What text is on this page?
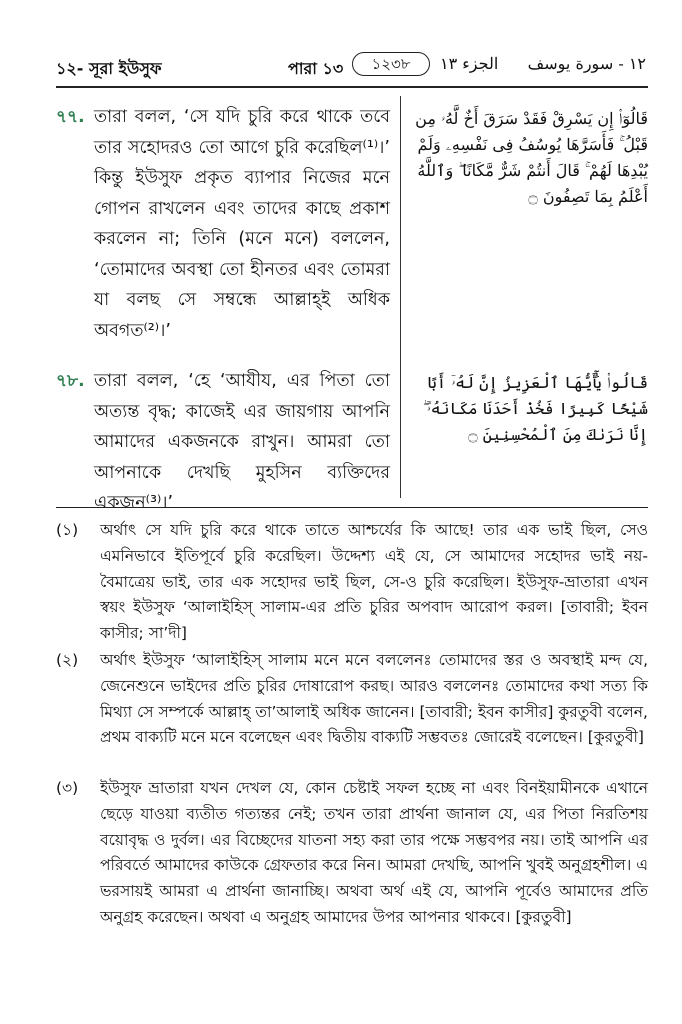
১২- সূরা ইউসুফ	পারা ১৩	১২৩৮	الجزء ١٣ ١٢ - سورة يوسف
৭৭. তারা বলল, ‘সে যদি চুরি করে থাকে তবে তার সহোদরও তো আগে চুরি করেছিল⁽¹⁾।’ কিন্তু ইউসুফ প্রকৃত ব্যাপার নিজের মনে গোপন রাখলেন এবং তাদের কাছে প্রকাশ করলেন না; তিনি (মনে মনে) বললেন, ‘তোমাদের অবস্থা তো হীনতর এবং তোমরা যা বলছ সে সম্বন্ধে আল্লাহ্ই অধিক অবগত⁽²⁾।’
قَالُوٓا۟ إِن يَسْرِقْ فَقَدْ سَرَقَ أَخٌ لَّهُۥ مِن قَبْلُ ۚ فَأَسَرَّهَا يُوسُفُ فِى نَفْسِهِۦ وَلَمْ يُبْدِهَا لَهُمْ ۚ قَالَ أَنتُمْ شَرٌّ مَّكَانًا ۖ وَٱللَّهُ أَعْلَمُ بِمَا تَصِفُونَ ۝
৭৮. তারা বলল, ‘হে ‘আযীয, এর পিতা তো অত্যন্ত বৃদ্ধ; কাজেই এর জায়গায় আপনি আমাদের একজনকে রাখুন। আমরা তো আপনাকে দেখছি মুহসিন ব্যক্তিদের একজন⁽³⁾।’
قَالُوا۟ يَٰٓأَيُّهَا ٱلْعَزِيزُ إِنَّ لَهُۥٓ أَبًا شَيْخًا كَبِيرًا فَخُذْ أَحَدَنَا مَكَانَهُۥٓ ۖ إِنَّا نَرَىٰكَ مِنَ ٱلْمُحْسِنِينَ ۝
(১) অর্থাৎ সে যদি চুরি করে থাকে তাতে আশ্চর্যের কি আছে! তার এক ভাই ছিল, সেও এমনিভাবে ইতিপূর্বে চুরি করেছিল। উদ্দেশ্য এই যে, সে আমাদের সহোদর ভাই নয়- বৈমাত্রেয় ভাই, তার এক সহোদর ভাই ছিল, সে-ও চুরি করেছিল। ইউসুফ-ভ্রাতারা এখন স্বয়ং ইউসুফ ‘আলাইহিস্ সালাম-এর প্রতি চুরির অপবাদ আরোপ করল। [তাবারী; ইবন কাসীর; সা’দী]
(২) অর্থাৎ ইউসুফ ‘আলাইহিস্ সালাম মনে মনে বললেনঃ তোমাদের স্তর ও অবস্থাই মন্দ যে, জেনেশুনে ভাইদের প্রতি চুরির দোষারোপ করছ। আরও বললেনঃ তোমাদের কথা সত্য কি মিথ্যা সে সম্পর্কে আল্লাহ্ তা’আলাই অধিক জানেন। [তাবারী; ইবন কাসীর] কুরতুবী বলেন, প্রথম বাক্যটি মনে মনে বলেছেন এবং দ্বিতীয় বাক্যটি সম্ভবতঃ জোরেই বলেছেন। [কুরতুবী]
(৩) ইউসুফ ভ্রাতারা যখন দেখল যে, কোন চেষ্টাই সফল হচ্ছে না এবং বিনইয়ামীনকে এখানে ছেড়ে যাওয়া ব্যতীত গত্যন্তর নেই; তখন তারা প্রার্থনা জানাল যে, এর পিতা নিরতিশয় বয়োবৃদ্ধ ও দুর্বল। এর বিচ্ছেদের যাতনা সহ্য করা তার পক্ষে সম্ভবপর নয়। তাই আপনি এর পরিবর্তে আমাদের কাউকে গ্রেফতার করে নিন। আমরা দেখছি, আপনি খুবই অনুগ্রহশীল। এ ভরসায়ই আমরা এ প্রার্থনা জানাচ্ছি। অথবা অর্থ এই যে, আপনি পূর্বেও আমাদের প্রতি অনুগ্রহ করেছেন। অথবা এ অনুগ্রহ আমাদের উপর আপনার থাকবে। [কুরতুবী]
